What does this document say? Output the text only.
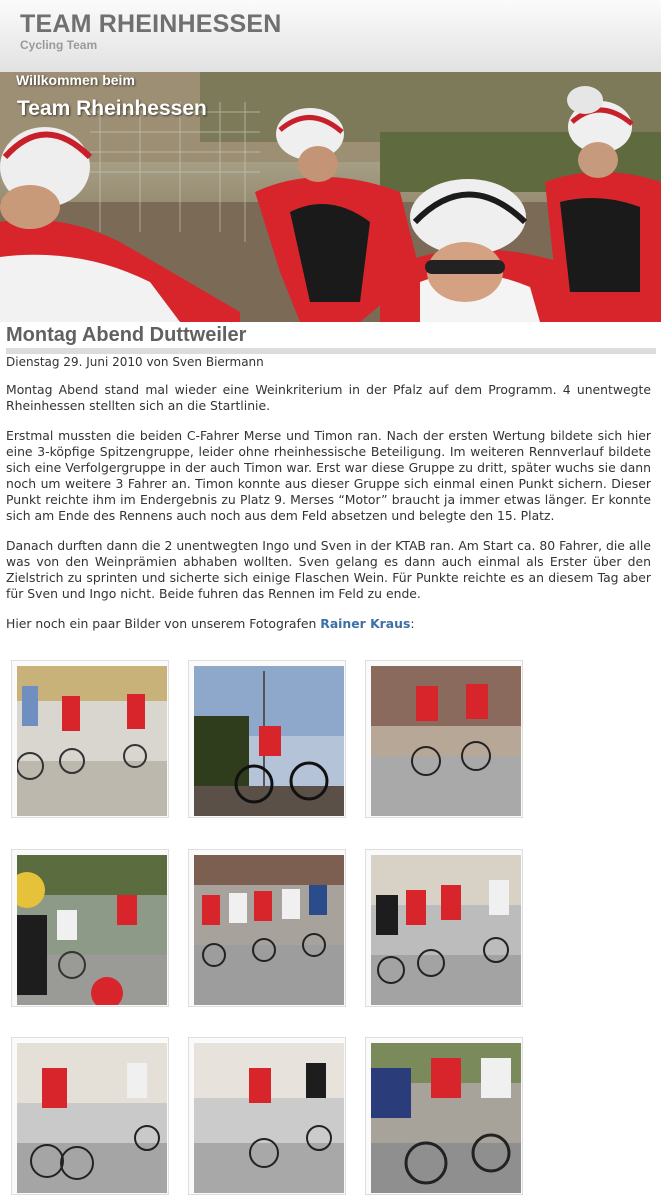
TEAM RHEINHESSEN
Cycling Team
Willkommen beim
Team Rheinhessen
Montag Abend Duttweiler
Dienstag 29. Juni 2010 von Sven Biermann

Montag Abend stand mal wieder eine Weinkriterium in der Pfalz auf dem Programm. 4 unentwegte Rheinhessen stellten sich an die Startlinie.

Erstmal mussten die beiden C-Fahrer Merse und Timon ran. Nach der ersten Wertung bildete sich hier eine 3-köpfige Spitzengruppe, leider ohne rheinhessische Beteiligung. Im weiteren Rennverlauf bildete sich eine Verfolgergruppe in der auch Timon war. Erst war diese Gruppe zu dritt, später wuchs sie dann noch um weitere 3 Fahrer an. Timon konnte aus dieser Gruppe sich einmal einen Punkt sichern. Dieser Punkt reichte ihm im Endergebnis zu Platz 9. Merses “Motor” braucht ja immer etwas länger. Er konnte sich am Ende des Rennens auch noch aus dem Feld absetzen und belegte den 15. Platz.

Danach durften dann die 2 unentwegten Ingo und Sven in der KTAB ran. Am Start ca. 80 Fahrer, die alle was von den Weinprämien abhaben wollten. Sven gelang es dann auch einmal als Erster über den Zielstrich zu sprinten und sicherte sich einige Flaschen Wein. Für Punkte reichte es an diesem Tag aber für Sven und Ingo nicht. Beide fuhren das Rennen im Feld zu ende.

Hier noch ein paar Bilder von unserem Fotografen Rainer Kraus:
